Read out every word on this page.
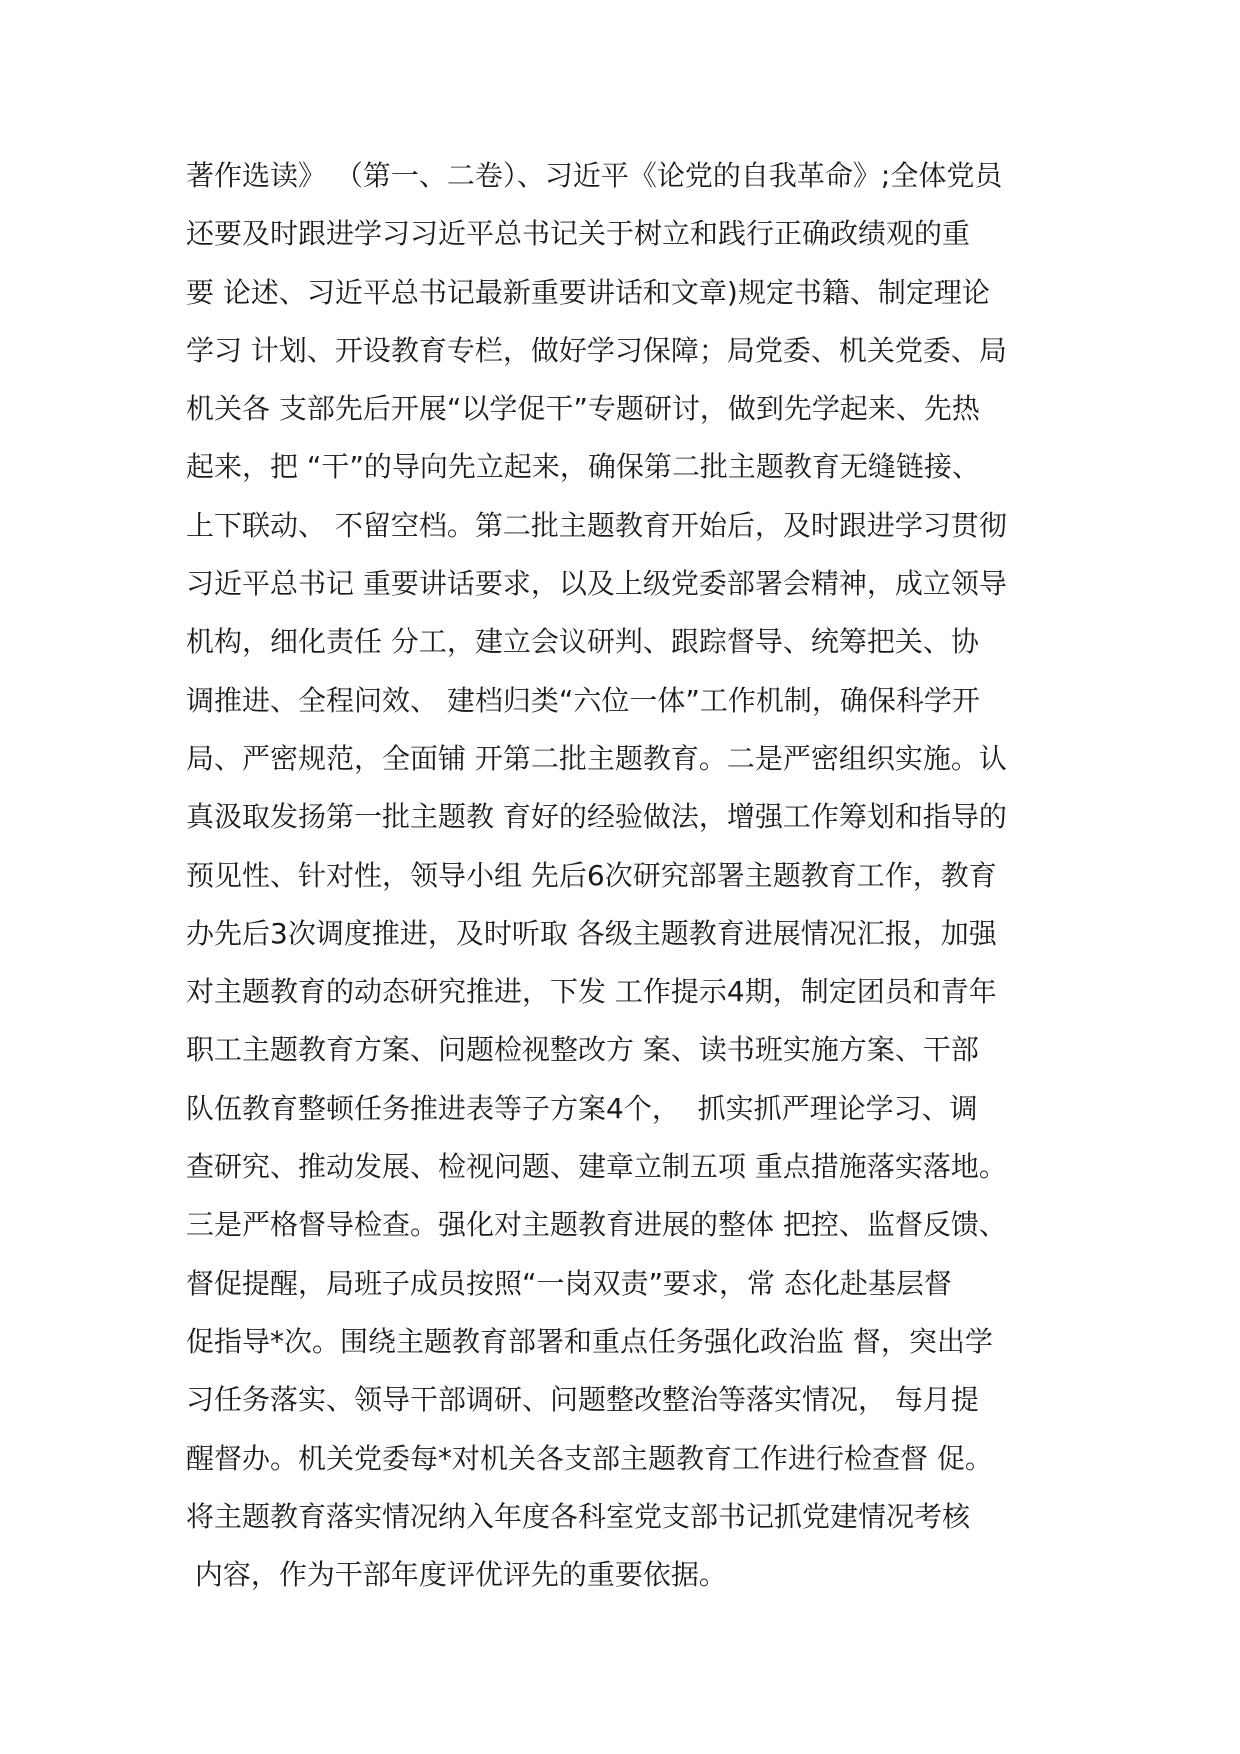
著作选读》 （第一、二卷）、习近平《论党的自我革命》;全体党员
还要及时跟进学习习近平总书记关于树立和践行正确政绩观的重
要 论述、习近平总书记最新重要讲话和文章)规定书籍、制定理论
学习 计划、开设教育专栏，做好学习保障；局党委、机关党委、局
机关各 支部先后开展“以学促干”专题研讨，做到先学起来、先热
起来，把 “干”的导向先立起来，确保第二批主题教育无缝链接、
上下联动、 不留空档。第二批主题教育开始后，及时跟进学习贯彻
习近平总书记 重要讲话要求，以及上级党委部署会精神，成立领导
机构，细化责任 分工，建立会议研判、跟踪督导、统筹把关、协
调推进、全程问效、 建档归类“六位一体”工作机制，确保科学开
局、严密规范，全面铺 开第二批主题教育。二是严密组织实施。认
真汲取发扬第一批主题教 育好的经验做法，增强工作筹划和指导的
预见性、针对性，领导小组 先后6次研究部署主题教育工作，教育
办先后3次调度推进，及时听取 各级主题教育进展情况汇报，加强
对主题教育的动态研究推进，下发 工作提示4期，制定团员和青年
职工主题教育方案、问题检视整改方 案、读书班实施方案、干部
队伍教育整顿任务推进表等子方案4个，  抓实抓严理论学习、调
查研究、推动发展、检视问题、建章立制五项 重点措施落实落地。
三是严格督导检查。强化对主题教育进展的整体 把控、监督反馈、
督促提醒，局班子成员按照“一岗双责”要求，常 态化赴基层督
促指导*次。围绕主题教育部署和重点任务强化政治监 督，突出学
习任务落实、领导干部调研、问题整改整治等落实情况， 每月提
醒督办。机关党委每*对机关各支部主题教育工作进行检查督 促。
将主题教育落实情况纳入年度各科室党支部书记抓党建情况考核
内容，作为干部年度评优评先的重要依据。
